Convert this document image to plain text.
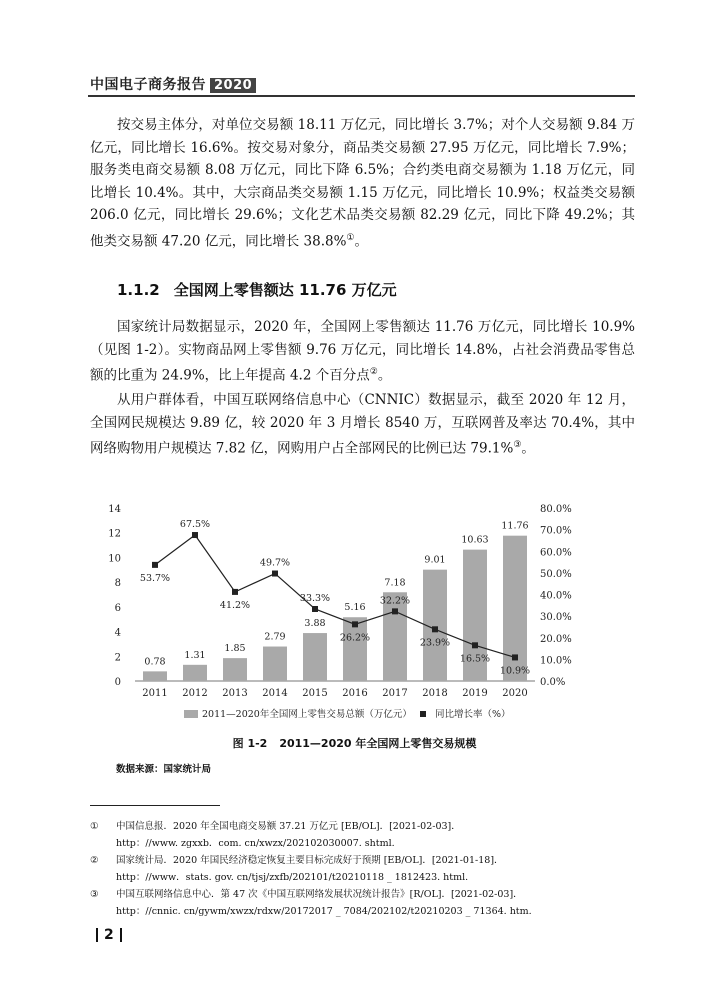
中国电子商务报告 2020

按交易主体分，对单位交易额 18.11 万亿元，同比增长 3.7%；对个人交易额 9.84 万亿元，同比增长 16.6%。按交易对象分，商品类交易额 27.95 万亿元，同比增长 7.9%；服务类电商交易额 8.08 万亿元，同比下降 6.5%；合约类电商交易额为 1.18 万亿元，同比增长 10.4%。其中，大宗商品类交易额 1.15 万亿元，同比增长 10.9%；权益类交易额 206.0 亿元，同比增长 29.6%；文化艺术品类交易额 82.29 亿元，同比下降 49.2%；其他类交易额 47.20 亿元，同比增长 38.8%①。

1.1.2 全国网上零售额达 11.76 万亿元

国家统计局数据显示，2020 年，全国网上零售额达 11.76 万亿元，同比增长 10.9%（见图 1-2）。实物商品网上零售额 9.76 万亿元，同比增长 14.8%，占社会消费品零售总额的比重为 24.9%，比上年提高 4.2 个百分点②。

从用户群体看，中国互联网络信息中心（CNNIC）数据显示，截至 2020 年 12 月，全国网民规模达 9.89 亿，较 2020 年 3 月增长 8540 万，互联网普及率达 70.4%，其中网络购物用户规模达 7.82 亿，网购用户占全部网民的比例已达 79.1%③。

0
2
4
6
8
10
12
14
0.0%
10.0%
20.0%
30.0%
40.0%
50.0%
60.0%
70.0%
80.0%
0.78
2011
1.31
2012
1.85
2013
2.79
2014
3.88
2015
5.16
2016
7.18
2017
9.01
2018
10.63
2019
11.76
2020
53.7%
67.5%
41.2%
49.7%
33.3%
26.2%
32.2%
23.9%
16.5%
10.9%
2011—2020年全国网上零售交易总额（万亿元） 同比增长率（%）
图 1-2 2011—2020 年全国网上零售交易规模
数据来源：国家统计局
① 中国信息报．2020 年全国电商交易额 37.21 万亿元 [EB/OL]．[2021-02-03]．
http：//www. zgxxb．com. cn/xwzx/202102030007. shtml.
② 国家统计局．2020 年国民经济稳定恢复主要目标完成好于预期 [EB/OL]．[2021-01-18]．
http：//www．stats. gov. cn/tjsj/zxfb/202101/t20210118 _ 1812423. html.
③ 中国互联网络信息中心．第 47 次《中国互联网络发展状况统计报告》[R/OL]．[2021-02-03]．
http：//cnnic. cn/gywm/xwzx/rdxw/20172017 _ 7084/202102/t20210203 _ 71364. htm.
2
